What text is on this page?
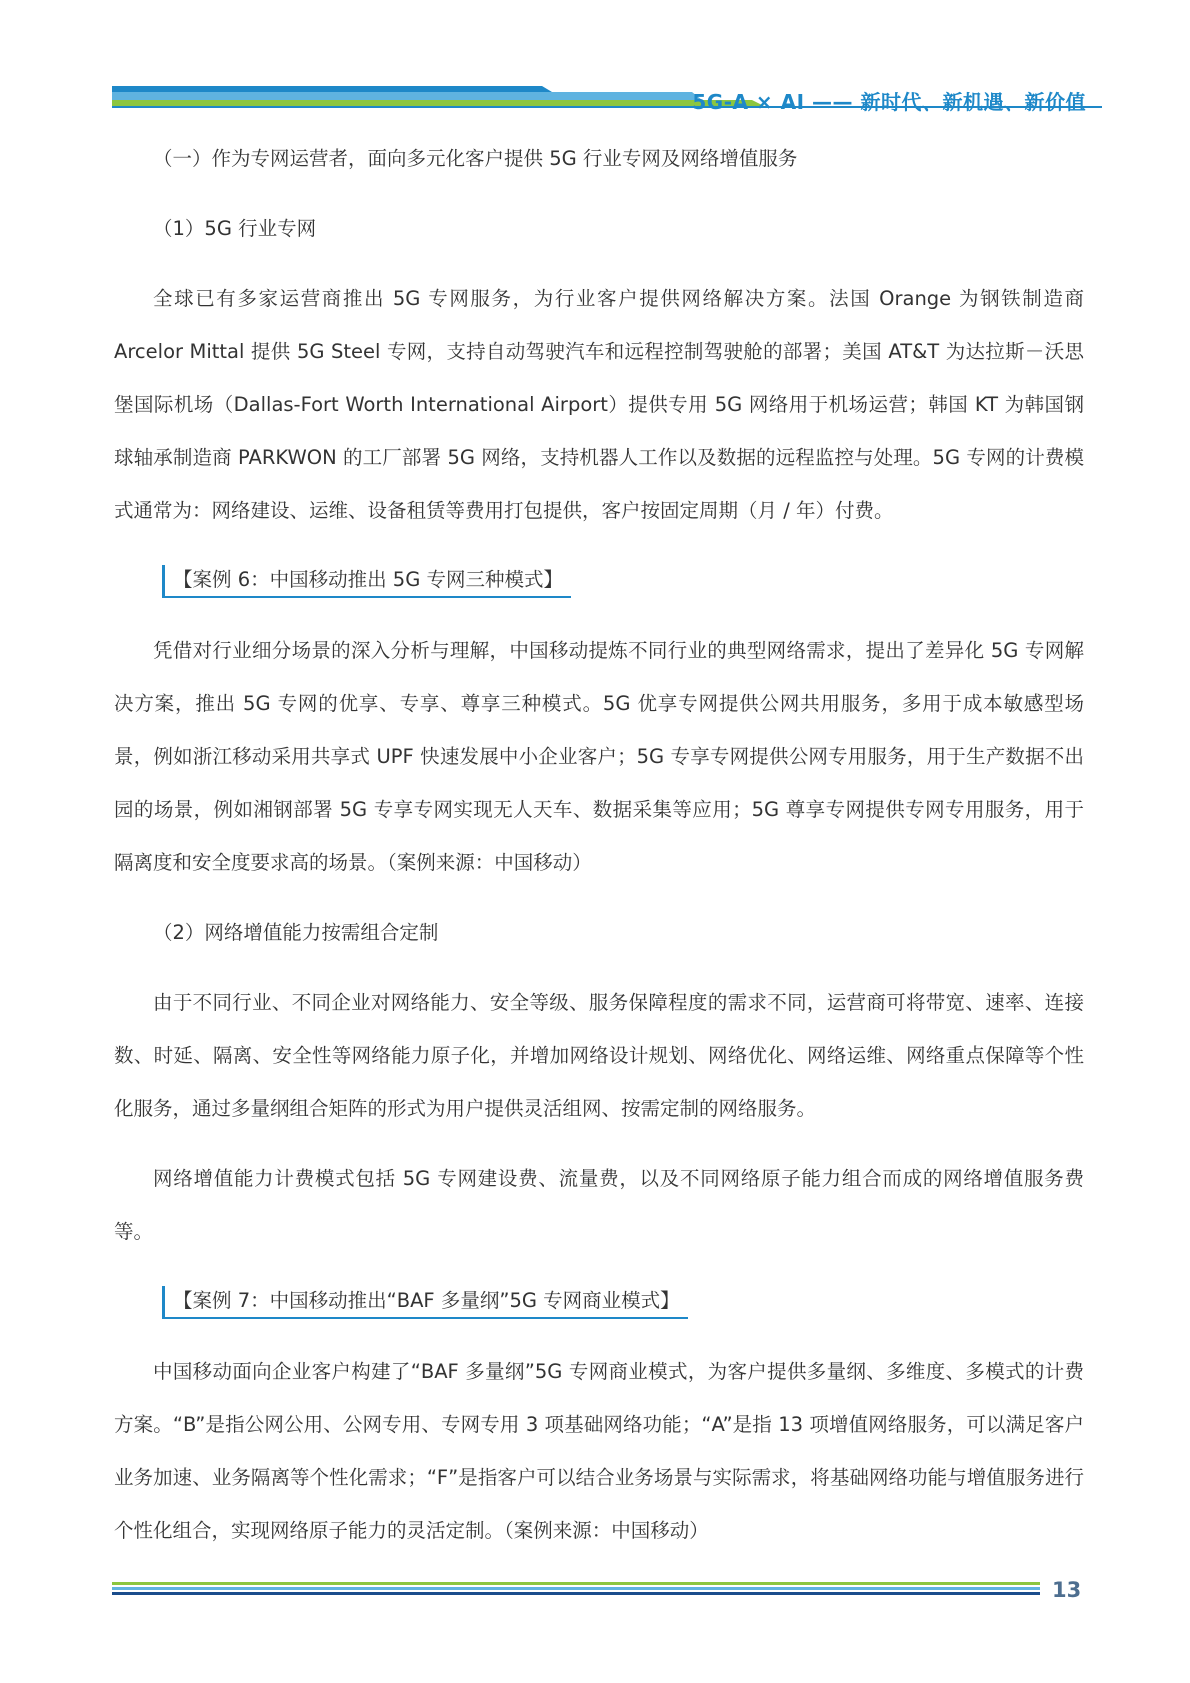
5G-A × AI —— 新时代、新机遇、新价值

（一）作为专网运营者，面向多元化客户提供 5G 行业专网及网络增值服务

（1）5G 行业专网

全球已有多家运营商推出 5G 专网服务，为行业客户提供网络解决方案。法国 Orange 为钢铁制造商 Arcelor Mittal 提供 5G Steel 专网，支持自动驾驶汽车和远程控制驾驶舱的部署；美国 AT&T 为达拉斯－沃思堡国际机场（Dallas-Fort Worth International Airport）提供专用 5G 网络用于机场运营；韩国 KT 为韩国钢球轴承制造商 PARKWON 的工厂部署 5G 网络，支持机器人工作以及数据的远程监控与处理。5G 专网的计费模式通常为：网络建设、运维、设备租赁等费用打包提供，客户按固定周期（月 / 年）付费。

【案例 6：中国移动推出 5G 专网三种模式】

凭借对行业细分场景的深入分析与理解，中国移动提炼不同行业的典型网络需求，提出了差异化 5G 专网解决方案，推出 5G 专网的优享、专享、尊享三种模式。5G 优享专网提供公网共用服务，多用于成本敏感型场景，例如浙江移动采用共享式 UPF 快速发展中小企业客户；5G 专享专网提供公网专用服务，用于生产数据不出园的场景，例如湘钢部署 5G 专享专网实现无人天车、数据采集等应用；5G 尊享专网提供专网专用服务，用于隔离度和安全度要求高的场景。（案例来源：中国移动）

（2）网络增值能力按需组合定制

由于不同行业、不同企业对网络能力、安全等级、服务保障程度的需求不同，运营商可将带宽、速率、连接数、时延、隔离、安全性等网络能力原子化，并增加网络设计规划、网络优化、网络运维、网络重点保障等个性化服务，通过多量纲组合矩阵的形式为用户提供灵活组网、按需定制的网络服务。

网络增值能力计费模式包括 5G 专网建设费、流量费，以及不同网络原子能力组合而成的网络增值服务费等。

【案例 7：中国移动推出“BAF 多量纲”5G 专网商业模式】

中国移动面向企业客户构建了“BAF 多量纲”5G 专网商业模式，为客户提供多量纲、多维度、多模式的计费方案。“B”是指公网公用、公网专用、专网专用 3 项基础网络功能；“A”是指 13 项增值网络服务，可以满足客户业务加速、业务隔离等个性化需求；“F”是指客户可以结合业务场景与实际需求，将基础网络功能与增值服务进行个性化组合，实现网络原子能力的灵活定制。（案例来源：中国移动）

13
